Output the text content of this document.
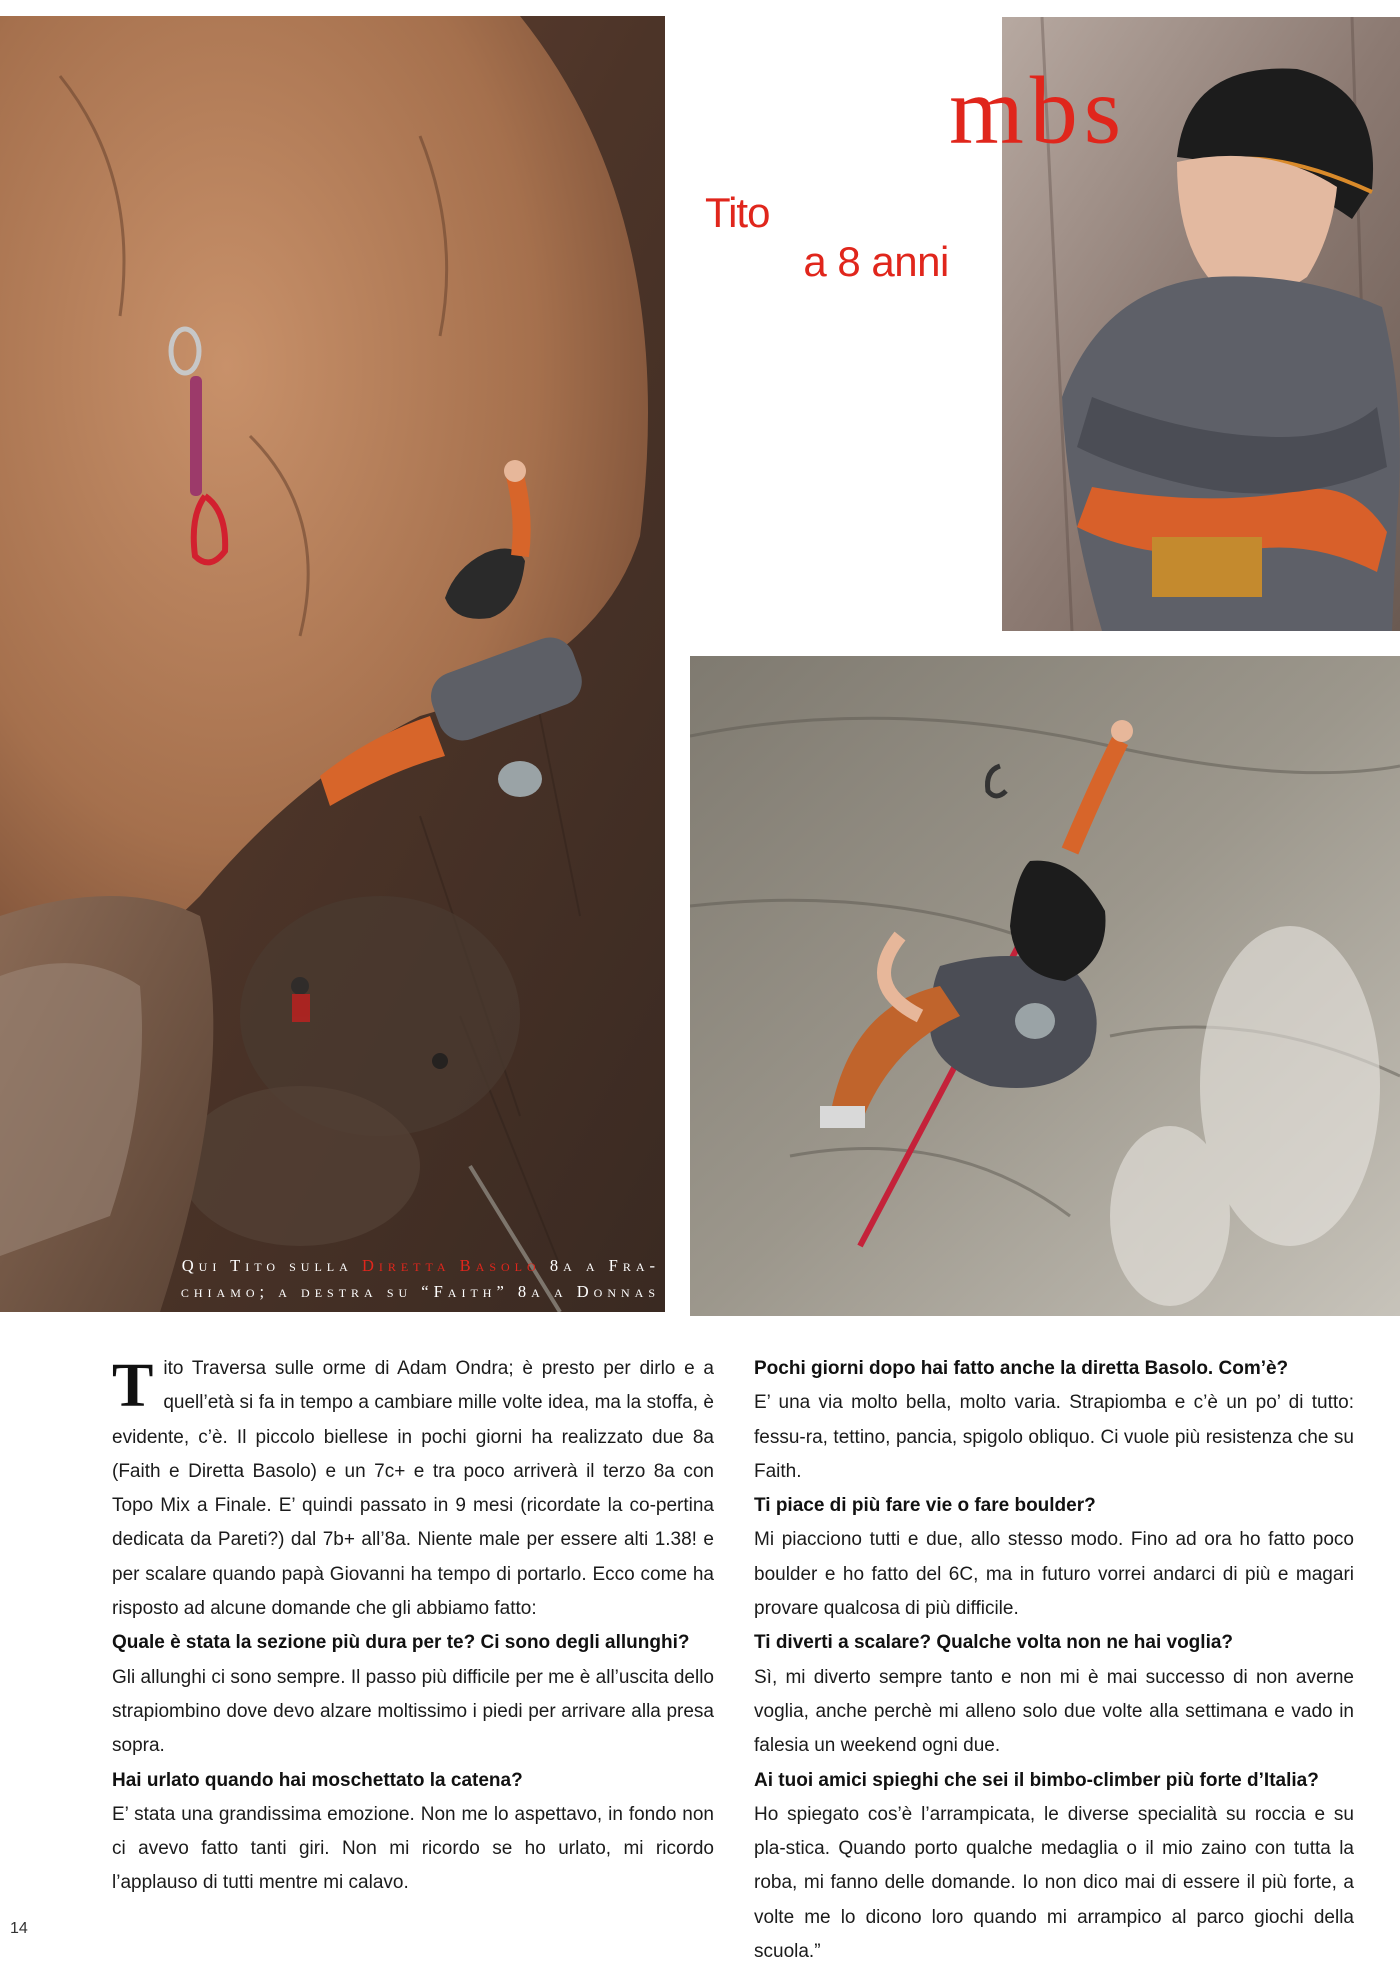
CLImbs
Tito TRAVERSA
2 8a a 8 anni!
Foto: Marco Spataro
Qui Tito sulla Diretta Basolo 8a a Fra-chiamo; a destra su “Faith” 8a a Donnas
T ito Traversa sulle orme di Adam Ondra; è presto per dirlo e a quell’età si fa in tempo a cambiare mille volte idea, ma la stoffa, è evidente, c’è. Il piccolo biellese in pochi giorni ha realizzato due 8a (Faith e Diretta Basolo) e un 7c+ e tra poco arriverà il terzo 8a con Topo Mix a Finale. E’ quindi passato in 9 mesi (ricordate la co-pertina dedicata da Pareti?) dal 7b+ all’8a. Niente male per essere alti 1.38! e per scalare quando papà Giovanni ha tempo di portarlo. Ecco come ha risposto ad alcune domande che gli abbiamo fatto:

Quale è stata la sezione più dura per te? Ci sono degli allunghi?

Gli allunghi ci sono sempre. Il passo più difficile per me è all’uscita dello strapiombino dove devo alzare moltissimo i piedi per arrivare alla presa sopra.

Hai urlato quando hai moschettato la catena?

E’ stata una grandissima emozione. Non me lo aspettavo, in fondo non ci avevo fatto tanti giri. Non mi ricordo se ho urlato, mi ricordo l’applauso di tutti mentre mi calavo.

Pochi giorni dopo hai fatto anche la diretta Basolo. Com’è?

E’ una via molto bella, molto varia. Strapiomba e c’è un po’ di tutto: fessu-ra, tettino, pancia, spigolo obliquo. Ci vuole più resistenza che su Faith.

Ti piace di più fare vie o fare boulder?

Mi piacciono tutti e due, allo stesso modo. Fino ad ora ho fatto poco boulder e ho fatto del 6C, ma in futuro vorrei andarci di più e magari provare qualcosa di più difficile.

Ti diverti a scalare? Qualche volta non ne hai voglia?

Sì, mi diverto sempre tanto e non mi è mai successo di non averne voglia, anche perchè mi alleno solo due volte alla settimana e vado in falesia un weekend ogni due.

Ai tuoi amici spieghi che sei il bimbo-climber più forte d’Italia?

Ho spiegato cos’è l’arrampicata, le diverse specialità su roccia e su pla-stica. Quando porto qualche medaglia o il mio zaino con tutta la roba, mi fanno delle domande. Io non dico mai di essere il più forte, a volte me lo dicono loro quando mi arrampico al parco giochi della scuola.”

14
